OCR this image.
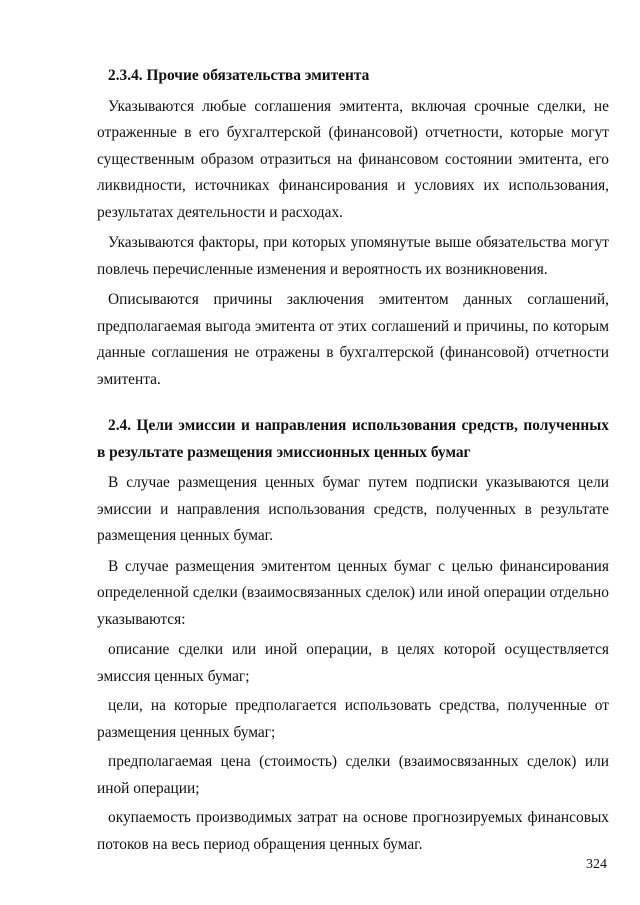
2.3.4. Прочие обязательства эмитента

Указываются любые соглашения эмитента, включая срочные сделки, не отраженные в его бухгалтерской (финансовой) отчетности, которые могут существенным образом отразиться на финансовом состоянии эмитента, его ликвидности, источниках финансирования и условиях их использования, результатах деятельности и расходах.

Указываются факторы, при которых упомянутые выше обязательства могут повлечь перечисленные изменения и вероятность их возникновения.

Описываются причины заключения эмитентом данных соглашений, предполагаемая выгода эмитента от этих соглашений и причины, по которым данные соглашения не отражены в бухгалтерской (финансовой) отчетности эмитента.

2.4. Цели эмиссии и направления использования средств, полученных в результате размещения эмиссионных ценных бумаг

В случае размещения ценных бумаг путем подписки указываются цели эмиссии и направления использования средств, полученных в результате размещения ценных бумаг.

В случае размещения эмитентом ценных бумаг с целью финансирования определенной сделки (взаимосвязанных сделок) или иной операции отдельно указываются:

описание сделки или иной операции, в целях которой осуществляется эмиссия ценных бумаг;

цели, на которые предполагается использовать средства, полученные от размещения ценных бумаг;

предполагаемая цена (стоимость) сделки (взаимосвязанных сделок) или иной операции;

окупаемость производимых затрат на основе прогнозируемых финансовых потоков на весь период обращения ценных бумаг.

324
